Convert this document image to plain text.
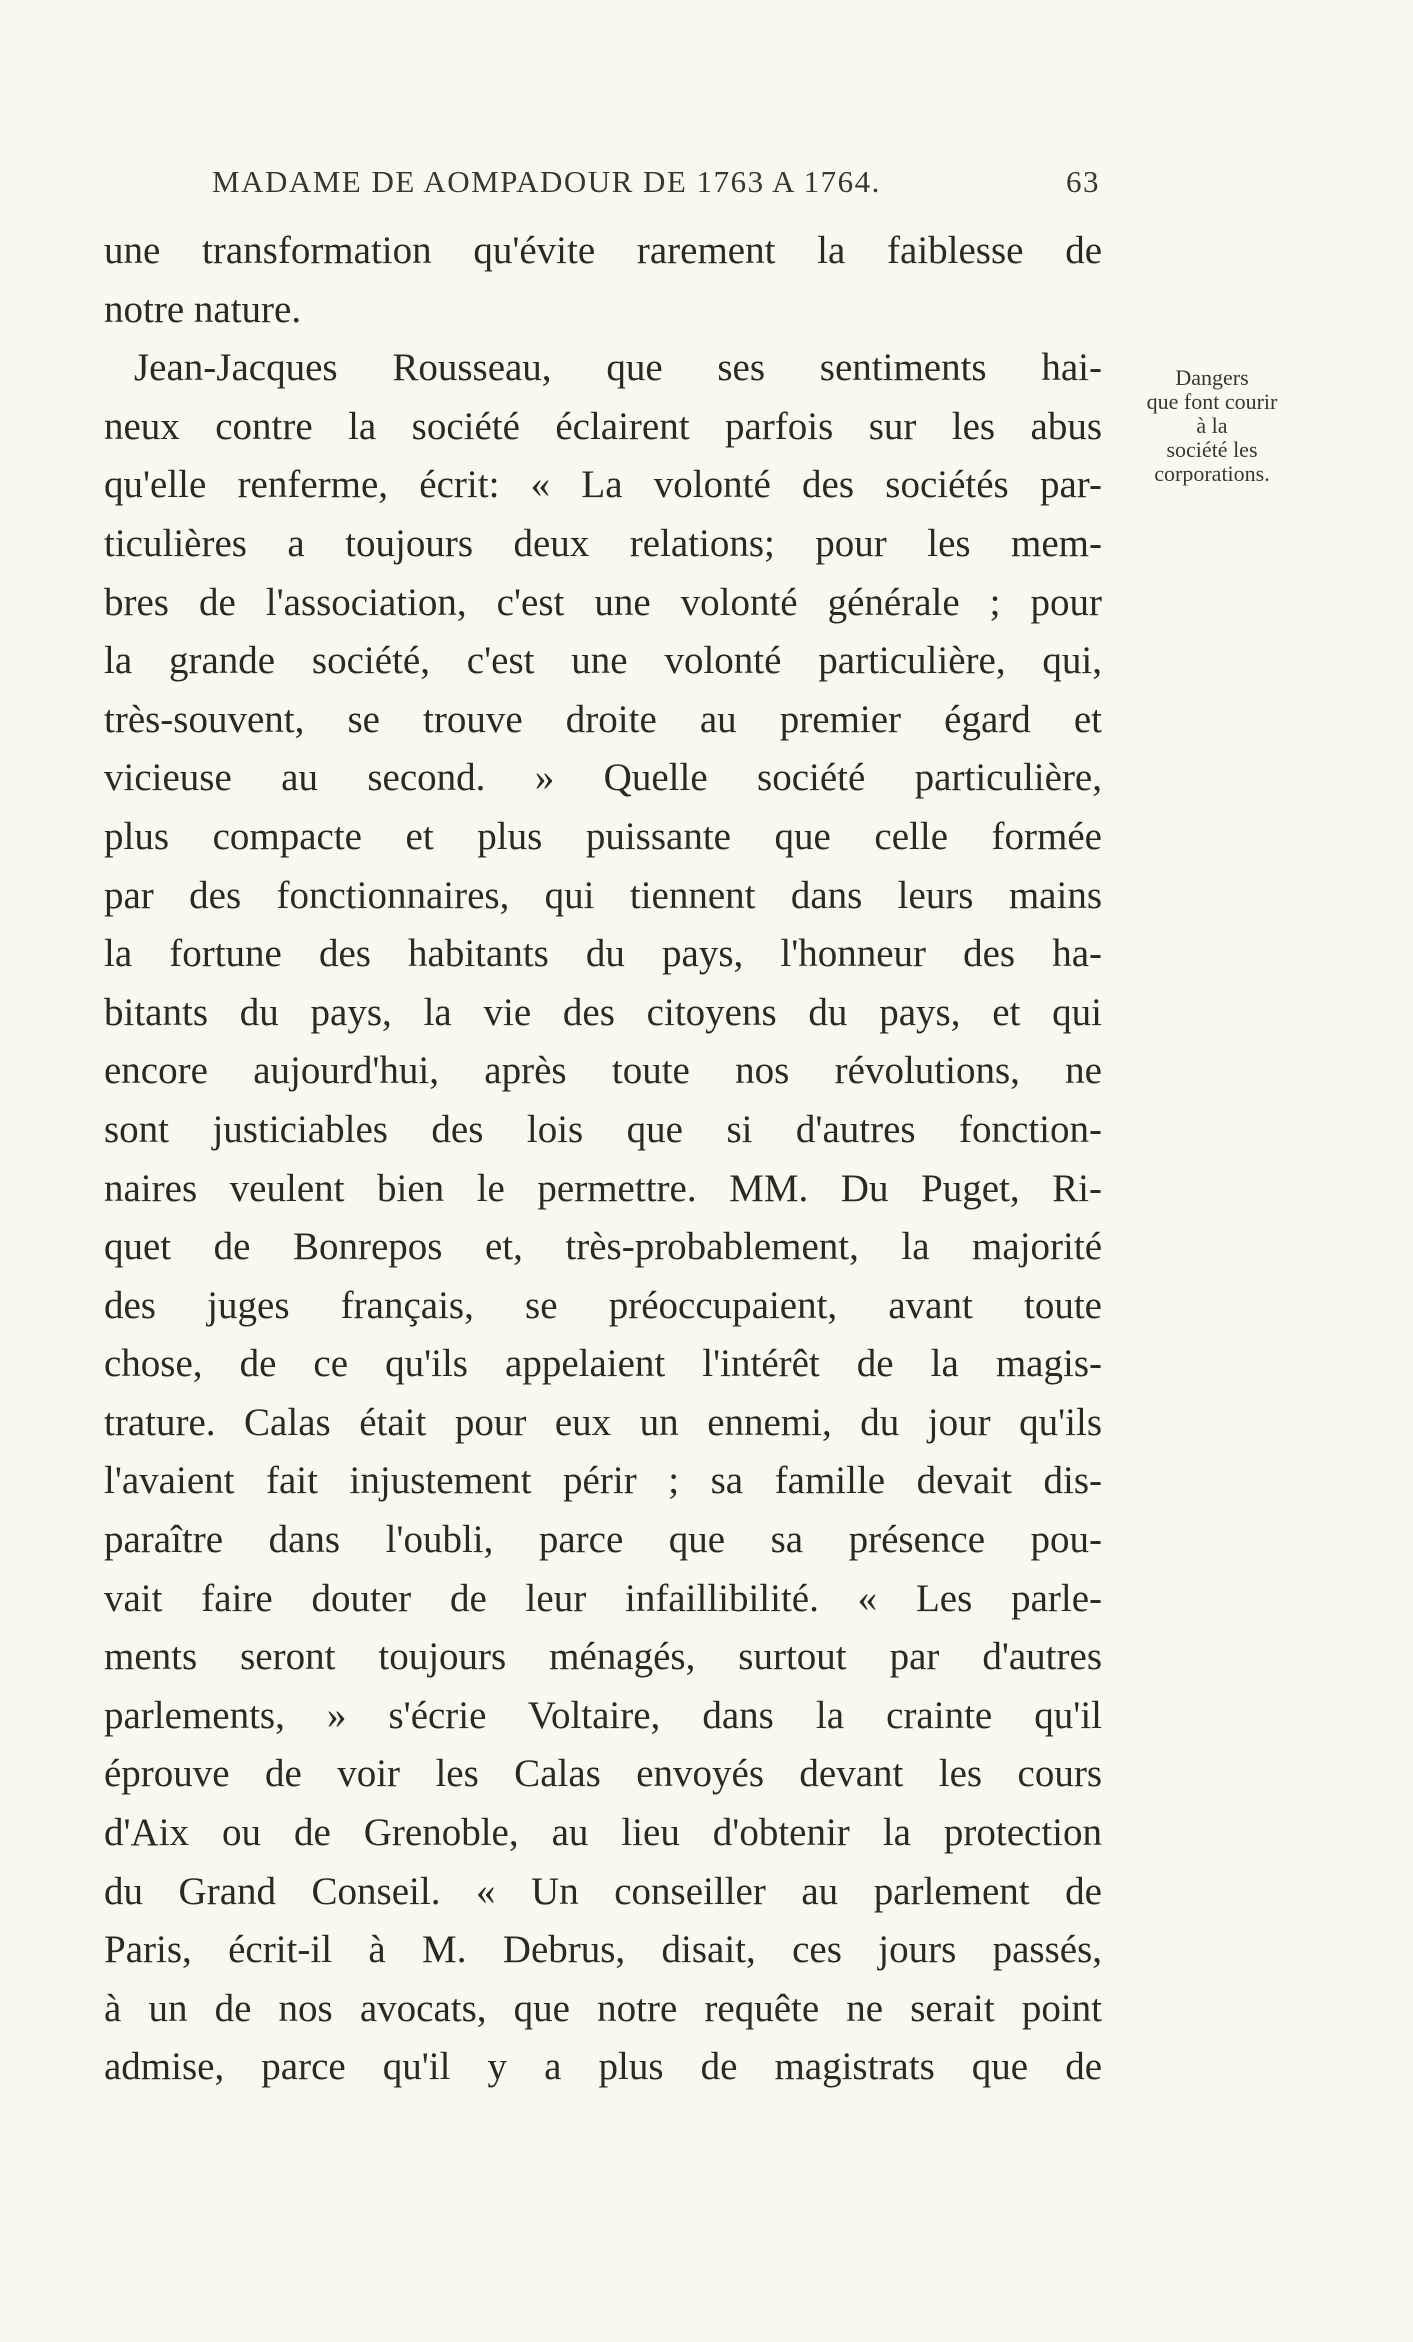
MADAME DE AOMPADOUR DE 1763 A 1764.	63
Dangers
que font courir
à la
société les
corporations.
une transformation qu'évite rarement la faiblesse de
notre nature.
Jean-Jacques Rousseau, que ses sentiments hai-
neux contre la société éclairent parfois sur les abus
qu'elle renferme, écrit: « La volonté des sociétés par-
ticulières a toujours deux relations; pour les mem-
bres de l'association, c'est une volonté générale ; pour
la grande société, c'est une volonté particulière, qui,
très-souvent, se trouve droite au premier égard et
vicieuse au second. » Quelle société particulière,
plus compacte et plus puissante que celle formée
par des fonctionnaires, qui tiennent dans leurs mains
la fortune des habitants du pays, l'honneur des ha-
bitants du pays, la vie des citoyens du pays, et qui
encore aujourd'hui, après toute nos révolutions, ne
sont justiciables des lois que si d'autres fonction-
naires veulent bien le permettre. MM. Du Puget, Ri-
quet de Bonrepos et, très-probablement, la majorité
des juges français, se préoccupaient, avant toute
chose, de ce qu'ils appelaient l'intérêt de la magis-
trature. Calas était pour eux un ennemi, du jour qu'ils
l'avaient fait injustement périr ; sa famille devait dis-
paraître dans l'oubli, parce que sa présence pou-
vait faire douter de leur infaillibilité. « Les parle-
ments seront toujours ménagés, surtout par d'autres
parlements, » s'écrie Voltaire, dans la crainte qu'il
éprouve de voir les Calas envoyés devant les cours
d'Aix ou de Grenoble, au lieu d'obtenir la protection
du Grand Conseil. « Un conseiller au parlement de
Paris, écrit-il à M. Debrus, disait, ces jours passés,
à un de nos avocats, que notre requête ne serait point
admise, parce qu'il y a plus de magistrats que de
